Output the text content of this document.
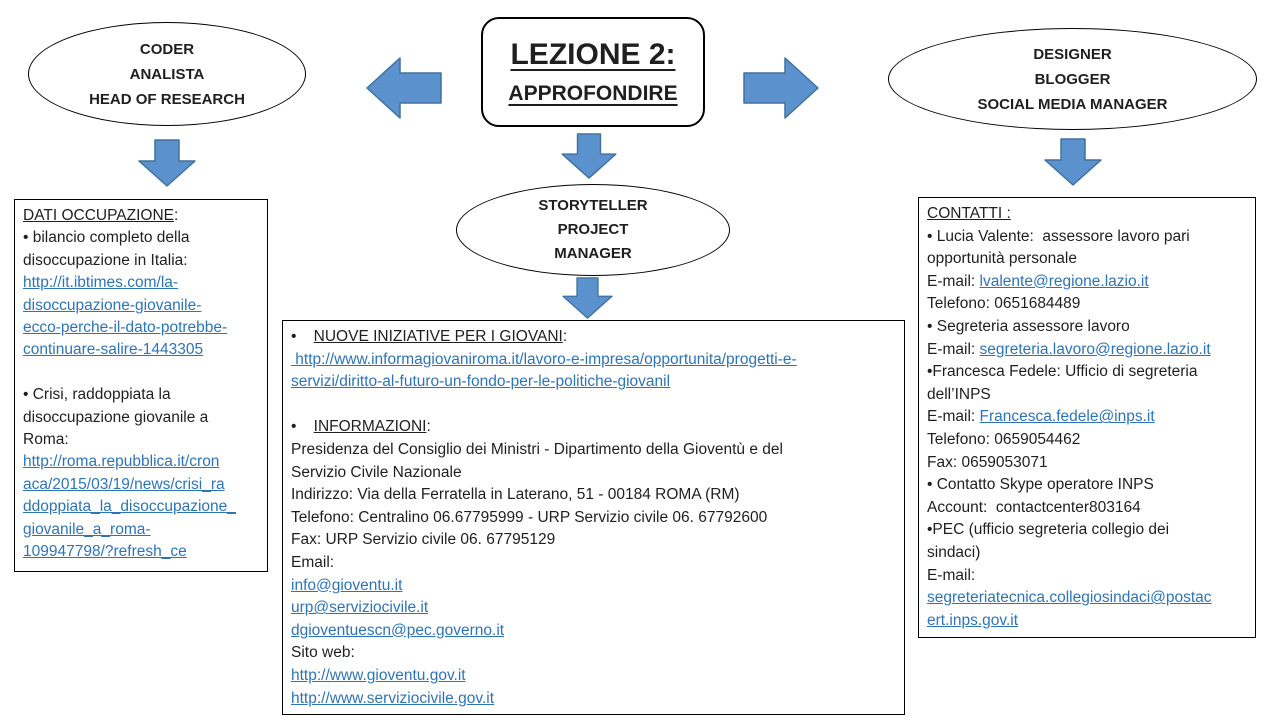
CODER
ANALISTA
HEAD OF RESEARCH
LEZIONE 2:
APPROFONDIRE
DESIGNER
BLOGGER
SOCIAL MEDIA MANAGER
STORYTELLER
PROJECT
MANAGER
DATI OCCUPAZIONE:
• bilancio completo della
disoccupazione in Italia:
http://it.ibtimes.com/la-
disoccupazione-giovanile-
ecco-perche-il-dato-potrebbe-
continuare-salire-1443305

• Crisi, raddoppiata la
disoccupazione giovanile a
Roma:
http://roma.repubblica.it/cron
aca/2015/03/19/news/crisi_ra
ddoppiata_la_disoccupazione_
giovanile_a_roma-
109947798/?refresh_ce
•    NUOVE INIZIATIVE PER I GIOVANI:
http://www.informagiovaniroma.it/lavoro-e-impresa/opportunita/progetti-e-
servizi/diritto-al-futuro-un-fondo-per-le-politiche-giovanil

•    INFORMAZIONI:
Presidenza del Consiglio dei Ministri - Dipartimento della Gioventù e del
Servizio Civile Nazionale
Indirizzo: Via della Ferratella in Laterano, 51 - 00184 ROMA (RM)
Telefono: Centralino 06.67795999 - URP Servizio civile 06. 67792600
Fax: URP Servizio civile 06. 67795129
Email:
info@gioventu.it
urp@serviziocivile.it
dgioventuescn@pec.governo.it
Sito web:
http://www.gioventu.gov.it
http://www.serviziocivile.gov.it
CONTATTI :
• Lucia Valente:  assessore lavoro pari
opportunità personale
E-mail: lvalente@regione.lazio.it
Telefono: 0651684489
• Segreteria assessore lavoro
E-mail: segreteria.lavoro@regione.lazio.it
•Francesca Fedele: Ufficio di segreteria
dell’INPS
E-mail: Francesca.fedele@inps.it
Telefono: 0659054462
Fax: 0659053071
• Contatto Skype operatore INPS
Account:  contactcenter803164
•PEC (ufficio segreteria collegio dei
sindaci)
E-mail:
segreteriatecnica.collegiosindaci@postac
ert.inps.gov.it
